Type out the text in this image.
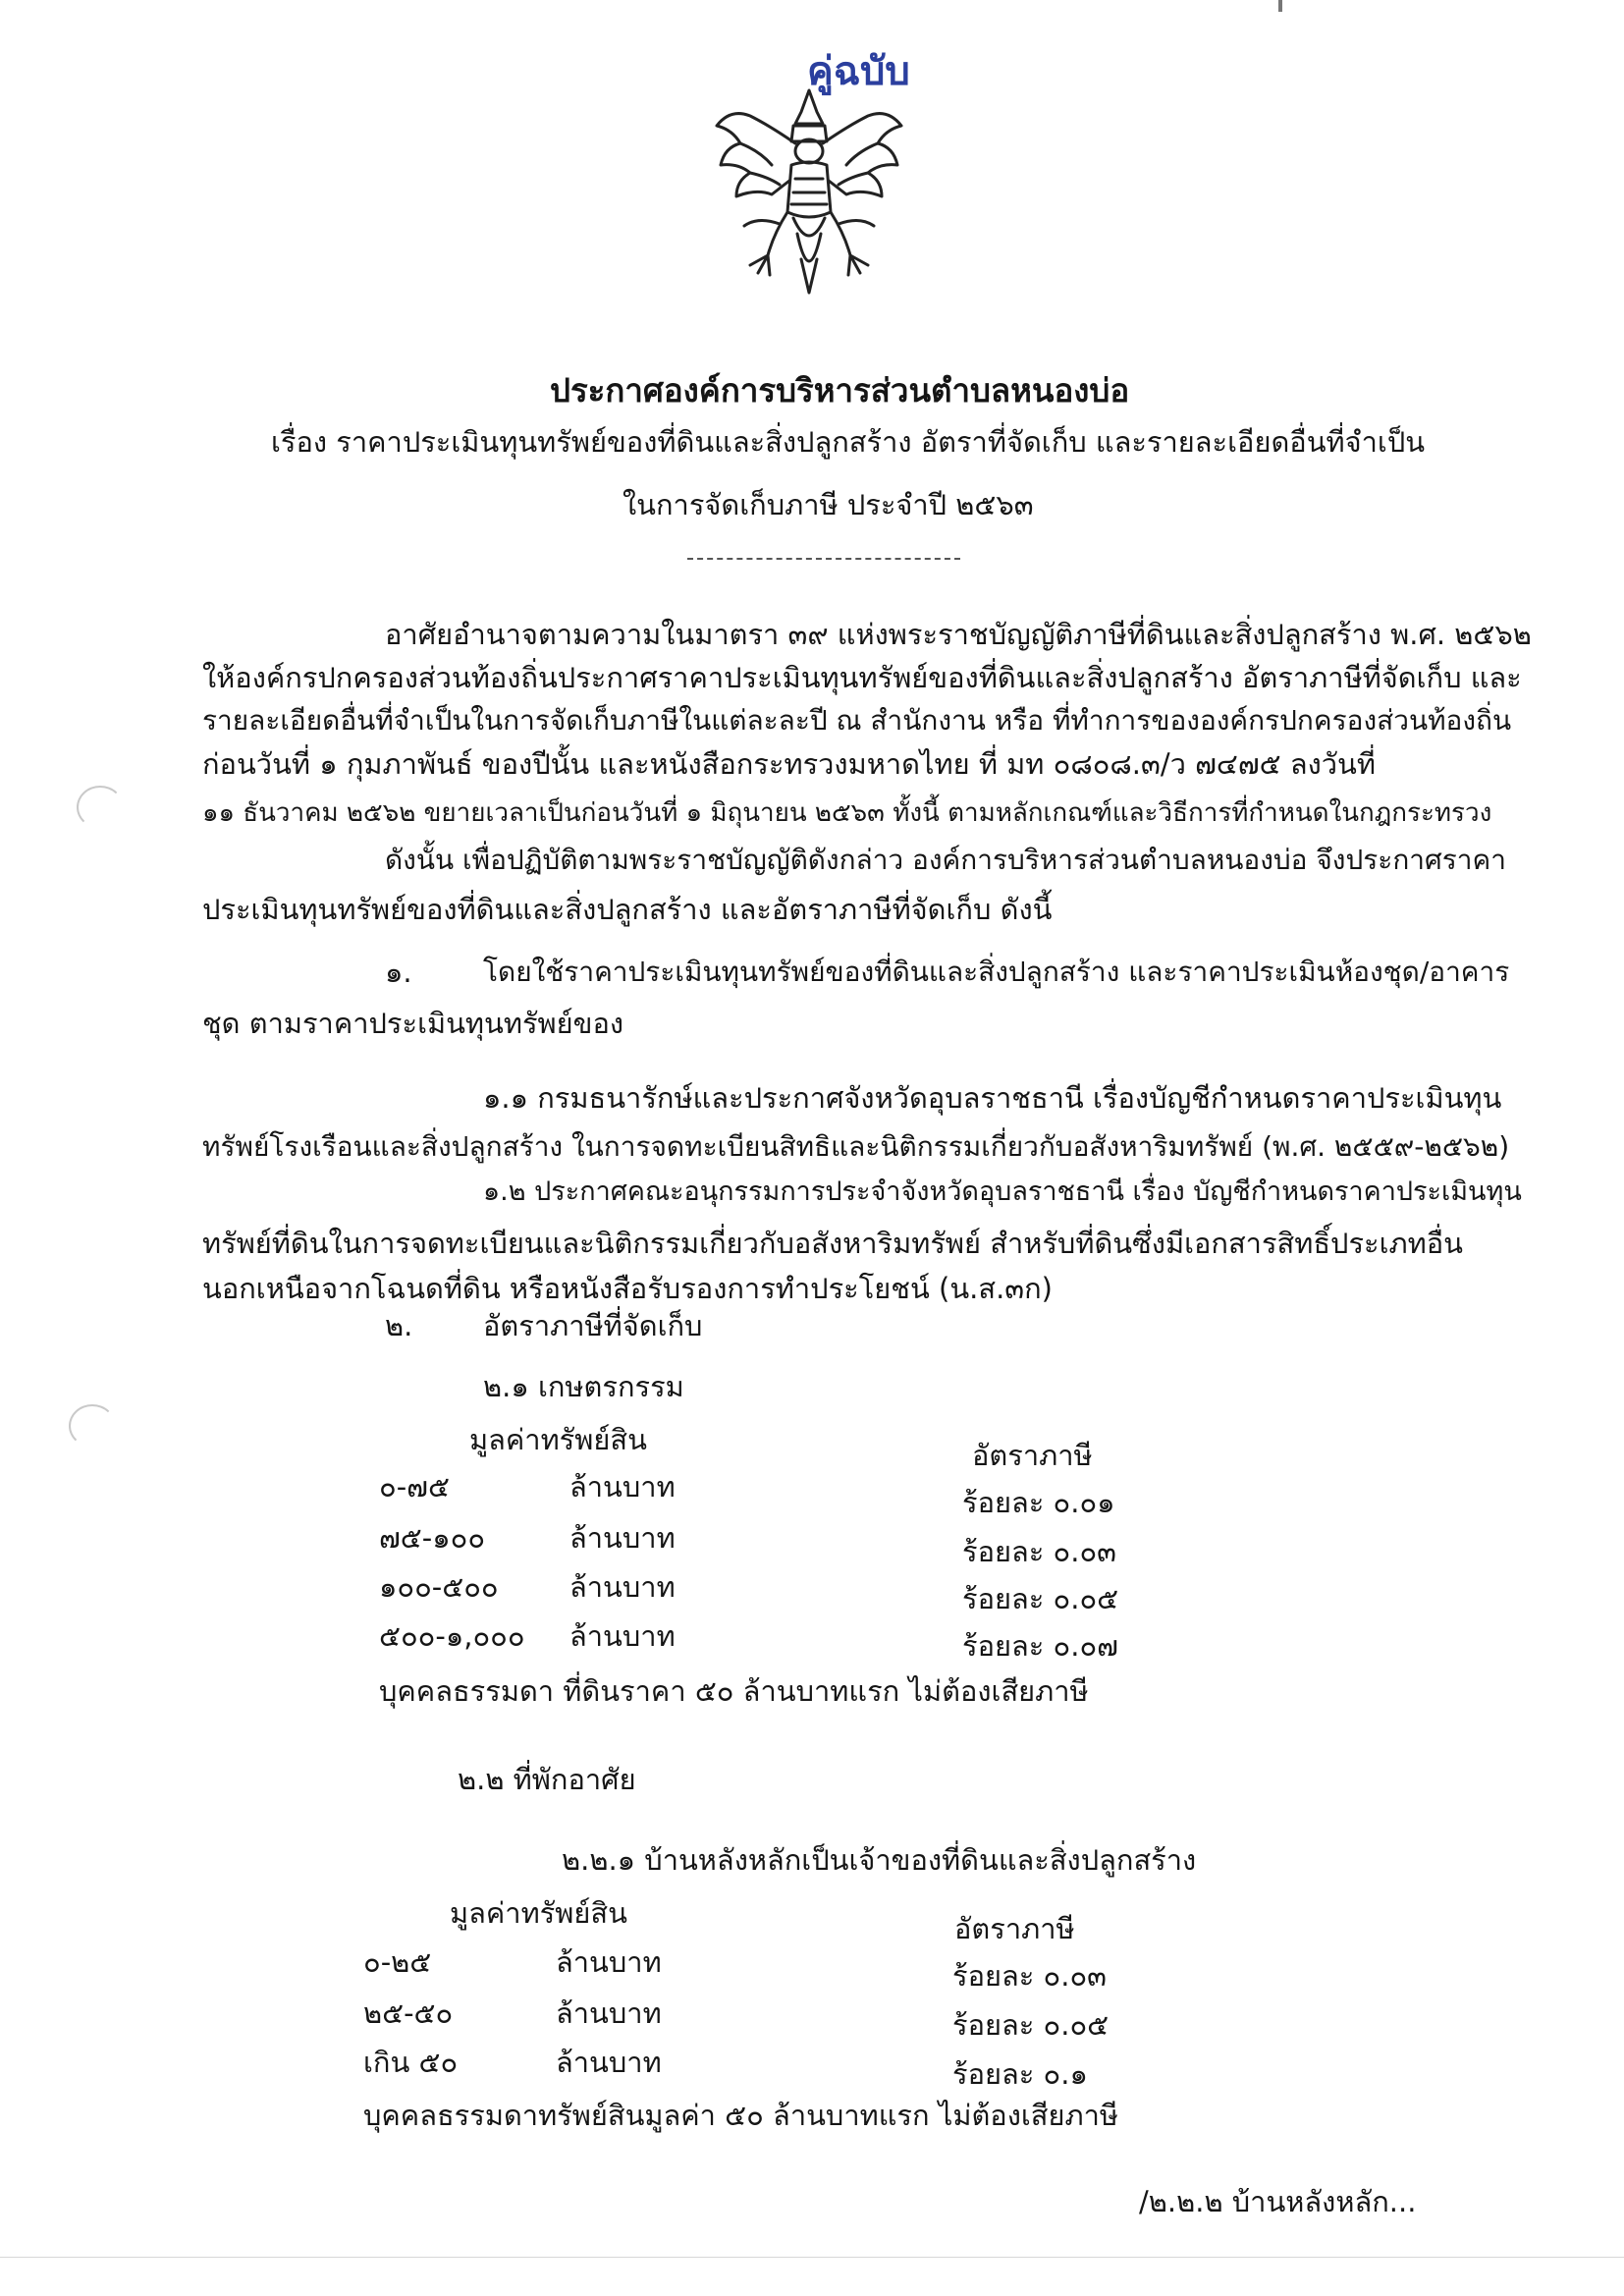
คู่ฉบับ
ประกาศองค์การบริหารส่วนตำบลหนองบ่อ
เรื่อง ราคาประเมินทุนทรัพย์ของที่ดินและสิ่งปลูกสร้าง อัตราที่จัดเก็บ และรายละเอียดอื่นที่จำเป็น
ในการจัดเก็บภาษี ประจำปี ๒๕๖๓
อาศัยอำนาจตามความในมาตรา ๓๙ แห่งพระราชบัญญัติภาษีที่ดินและสิ่งปลูกสร้าง พ.ศ. ๒๕๖๒
ให้องค์กรปกครองส่วนท้องถิ่นประกาศราคาประเมินทุนทรัพย์ของที่ดินและสิ่งปลูกสร้าง อัตราภาษีที่จัดเก็บ และ
รายละเอียดอื่นที่จำเป็นในการจัดเก็บภาษีในแต่ละละปี ณ สำนักงาน หรือ ที่ทำการขององค์กรปกครองส่วนท้องถิ่น
ก่อนวันที่ ๑ กุมภาพันธ์ ของปีนั้น และหนังสือกระทรวงมหาดไทย ที่ มท ๐๘๐๘.๓/ว ๗๔๗๕ ลงวันที่
๑๑ ธันวาคม ๒๕๖๒ ขยายเวลาเป็นก่อนวันที่ ๑ มิถุนายน ๒๕๖๓ ทั้งนี้ ตามหลักเกณฑ์และวิธีการที่กำหนดในกฎกระทรวง
ดังนั้น เพื่อปฏิบัติตามพระราชบัญญัติดังกล่าว องค์การบริหารส่วนตำบลหนองบ่อ จึงประกาศราคา
ประเมินทุนทรัพย์ของที่ดินและสิ่งปลูกสร้าง และอัตราภาษีที่จัดเก็บ ดังนี้
๑.	โดยใช้ราคาประเมินทุนทรัพย์ของที่ดินและสิ่งปลูกสร้าง และราคาประเมินห้องชุด/อาคาร
ชุด ตามราคาประเมินทุนทรัพย์ของ
๑.๑ กรมธนารักษ์และประกาศจังหวัดอุบลราชธานี เรื่องบัญชีกำหนดราคาประเมินทุน
ทรัพย์โรงเรือนและสิ่งปลูกสร้าง ในการจดทะเบียนสิทธิและนิติกรรมเกี่ยวกับอสังหาริมทรัพย์ (พ.ศ. ๒๕๕๙-๒๕๖๒)
๑.๒ ประกาศคณะอนุกรรมการประจำจังหวัดอุบลราชธานี เรื่อง บัญชีกำหนดราคาประเมินทุน
ทรัพย์ที่ดินในการจดทะเบียนและนิติกรรมเกี่ยวกับอสังหาริมทรัพย์ สำหรับที่ดินซึ่งมีเอกสารสิทธิ์ประเภทอื่น
นอกเหนือจากโฉนดที่ดิน หรือหนังสือรับรองการทำประโยชน์ (น.ส.๓ก)
๒. อัตราภาษีที่จัดเก็บ
๒.๑ เกษตรกรรม
มูลค่าทรัพย์สิน	อัตราภาษี
๐-๗๕	ล้านบาท	ร้อยละ ๐.๐๑
๗๕-๑๐๐	ล้านบาท	ร้อยละ ๐.๐๓
๑๐๐-๕๐๐ ล้านบาท	ร้อยละ ๐.๐๕
๕๐๐-๑,๐๐๐ ล้านบาท	ร้อยละ ๐.๐๗
บุคคลธรรมดา ที่ดินราคา ๕๐ ล้านบาทแรก ไม่ต้องเสียภาษี
๒.๒ ที่พักอาศัย
๒.๒.๑ บ้านหลังหลักเป็นเจ้าของที่ดินและสิ่งปลูกสร้าง
มูลค่าทรัพย์สิน	อัตราภาษี
๐-๒๕	ล้านบาท	ร้อยละ ๐.๐๓
๒๕-๕๐	ล้านบาท	ร้อยละ ๐.๐๕
เกิน ๕๐	ล้านบาท	ร้อยละ ๐.๑
บุคคลธรรมดาทรัพย์สินมูลค่า ๕๐ ล้านบาทแรก ไม่ต้องเสียภาษี
/๒.๒.๒ บ้านหลังหลัก...
